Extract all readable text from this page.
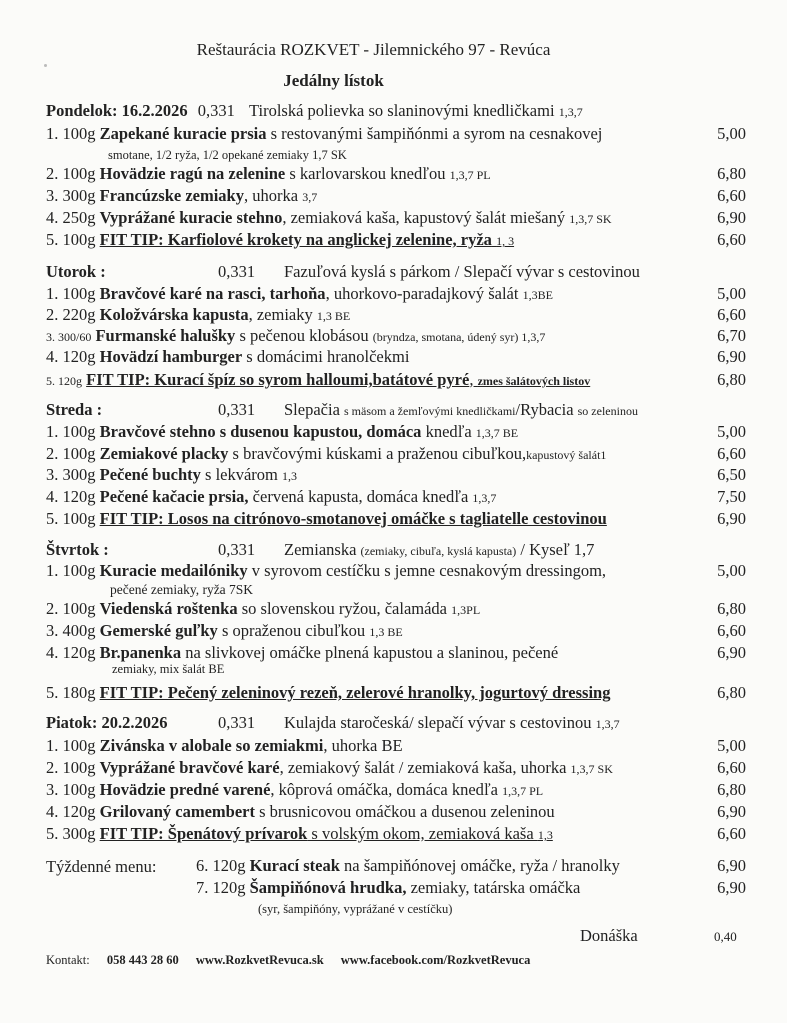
Reštaurácia ROZKVET - Jilemnického 97 - Revúca
Jedálny lístok
Pondelok: 16.2.2026 0,331 Tirolská polievka so slaninovými knedličkami 1,3,7
1. 100g Zapekané kuracie prsia s restovanými šampiňónmi a syrom na cesnakovej	5,00
smotane, 1/2 ryža, 1/2 opekané zemiaky 1,7 SK
2. 100g Hovädzie ragú na zelenine s karlovarskou knedľou 1,3,7 PL	6,80
3. 300g Francúzske zemiaky, uhorka 3,7	6,60
4. 250g Vyprážané kuracie stehno, zemiaková kaša, kapustový šalát miešaný 1,3,7 SK	6,90
5. 100g FIT TIP: Karfiolové krokety na anglickej zelenine, ryža 1, 3	6,60
Utorok :	0,331 Fazuľová kyslá s párkom / Slepačí vývar s cestovinou
1. 100g Bravčové karé na rasci, tarhoňa, uhorkovo-paradajkový šalát 1,3BE	5,00
2. 220g Koložvárska kapusta, zemiaky 1,3 BE	6,60
3. 300/60 Furmanské halušky s pečenou klobásou (bryndza, smotana, údený syr) 1,3,7	6,70
4. 120g Hovädzí hamburger s domácimi hranolčekmi	6,90
5. 120g FIT TIP: Kurací špíz so syrom halloumi,batátové pyré, zmes šalátových listov	6,80
Streda :	0,331 Slepačia s mäsom a žemľovými knedličkami/Rybacia so zeleninou
1. 100g Bravčové stehno s dusenou kapustou, domáca knedľa 1,3,7 BE	5,00
2. 100g Zemiakové placky s bravčovými kúskami a praženou cibuľkou,kapustový šalát1	6,60
3. 300g Pečené buchty s lekvárom 1,3	6,50
4. 120g Pečené kačacie prsia, červená kapusta, domáca knedľa 1,3,7	7,50
5. 100g FIT TIP: Losos na citrónovo-smotanovej omáčke s tagliatelle cestovinou	6,90
Štvrtok :	0,331 Zemianska (zemiaky, cibuľa, kyslá kapusta) / Kyseľ 1,7
1. 100g Kuracie medailóniky v syrovom cestíčku s jemne cesnakovým dressingom,	5,00
pečené zemiaky, ryža 7SK
2. 100g Viedenská roštenka so slovenskou ryžou, čalamáda 1,3PL	6,80
3. 400g Gemerské guľky s opraženou cibuľkou 1,3 BE	6,60
4. 120g Br.panenka na slivkovej omáčke plnená kapustou a slaninou, pečené	6,90
zemiaky, mix šalát BE
5. 180g FIT TIP: Pečený zeleninový rezeň, zelerové hranolky, jogurtový dressing	6,80
Piatok: 20.2.2026	0,331 Kulajda staročeská/ slepačí vývar s cestovinou 1,3,7
1. 100g Zivánska v alobale so zemiakmi, uhorka BE	5,00
2. 100g Vyprážané bravčové karé, zemiakový šalát / zemiaková kaša, uhorka 1,3,7 SK	6,60
3. 100g Hovädzie predné varené, kôprová omáčka, domáca knedľa 1,3,7 PL	6,80
4. 120g Grilovaný camembert s brusnicovou omáčkou a dusenou zeleninou	6,90
5. 300g FIT TIP: Špenátový prívarok s volským okom, zemiaková kaša 1,3	6,60
Týždenné menu: 6. 120g Kurací steak na šampiňónovej omáčke, ryža / hranolky	6,90
7. 120g Šampiňónová hrudka, zemiaky, tatárska omáčka	6,90
(syr, šampiňóny, vyprážané v cestíčku)
Donáška	0,40
Kontakt: 058 443 28 60 www.RozkvetRevuca.sk www.facebook.com/RozkvetRevuca
